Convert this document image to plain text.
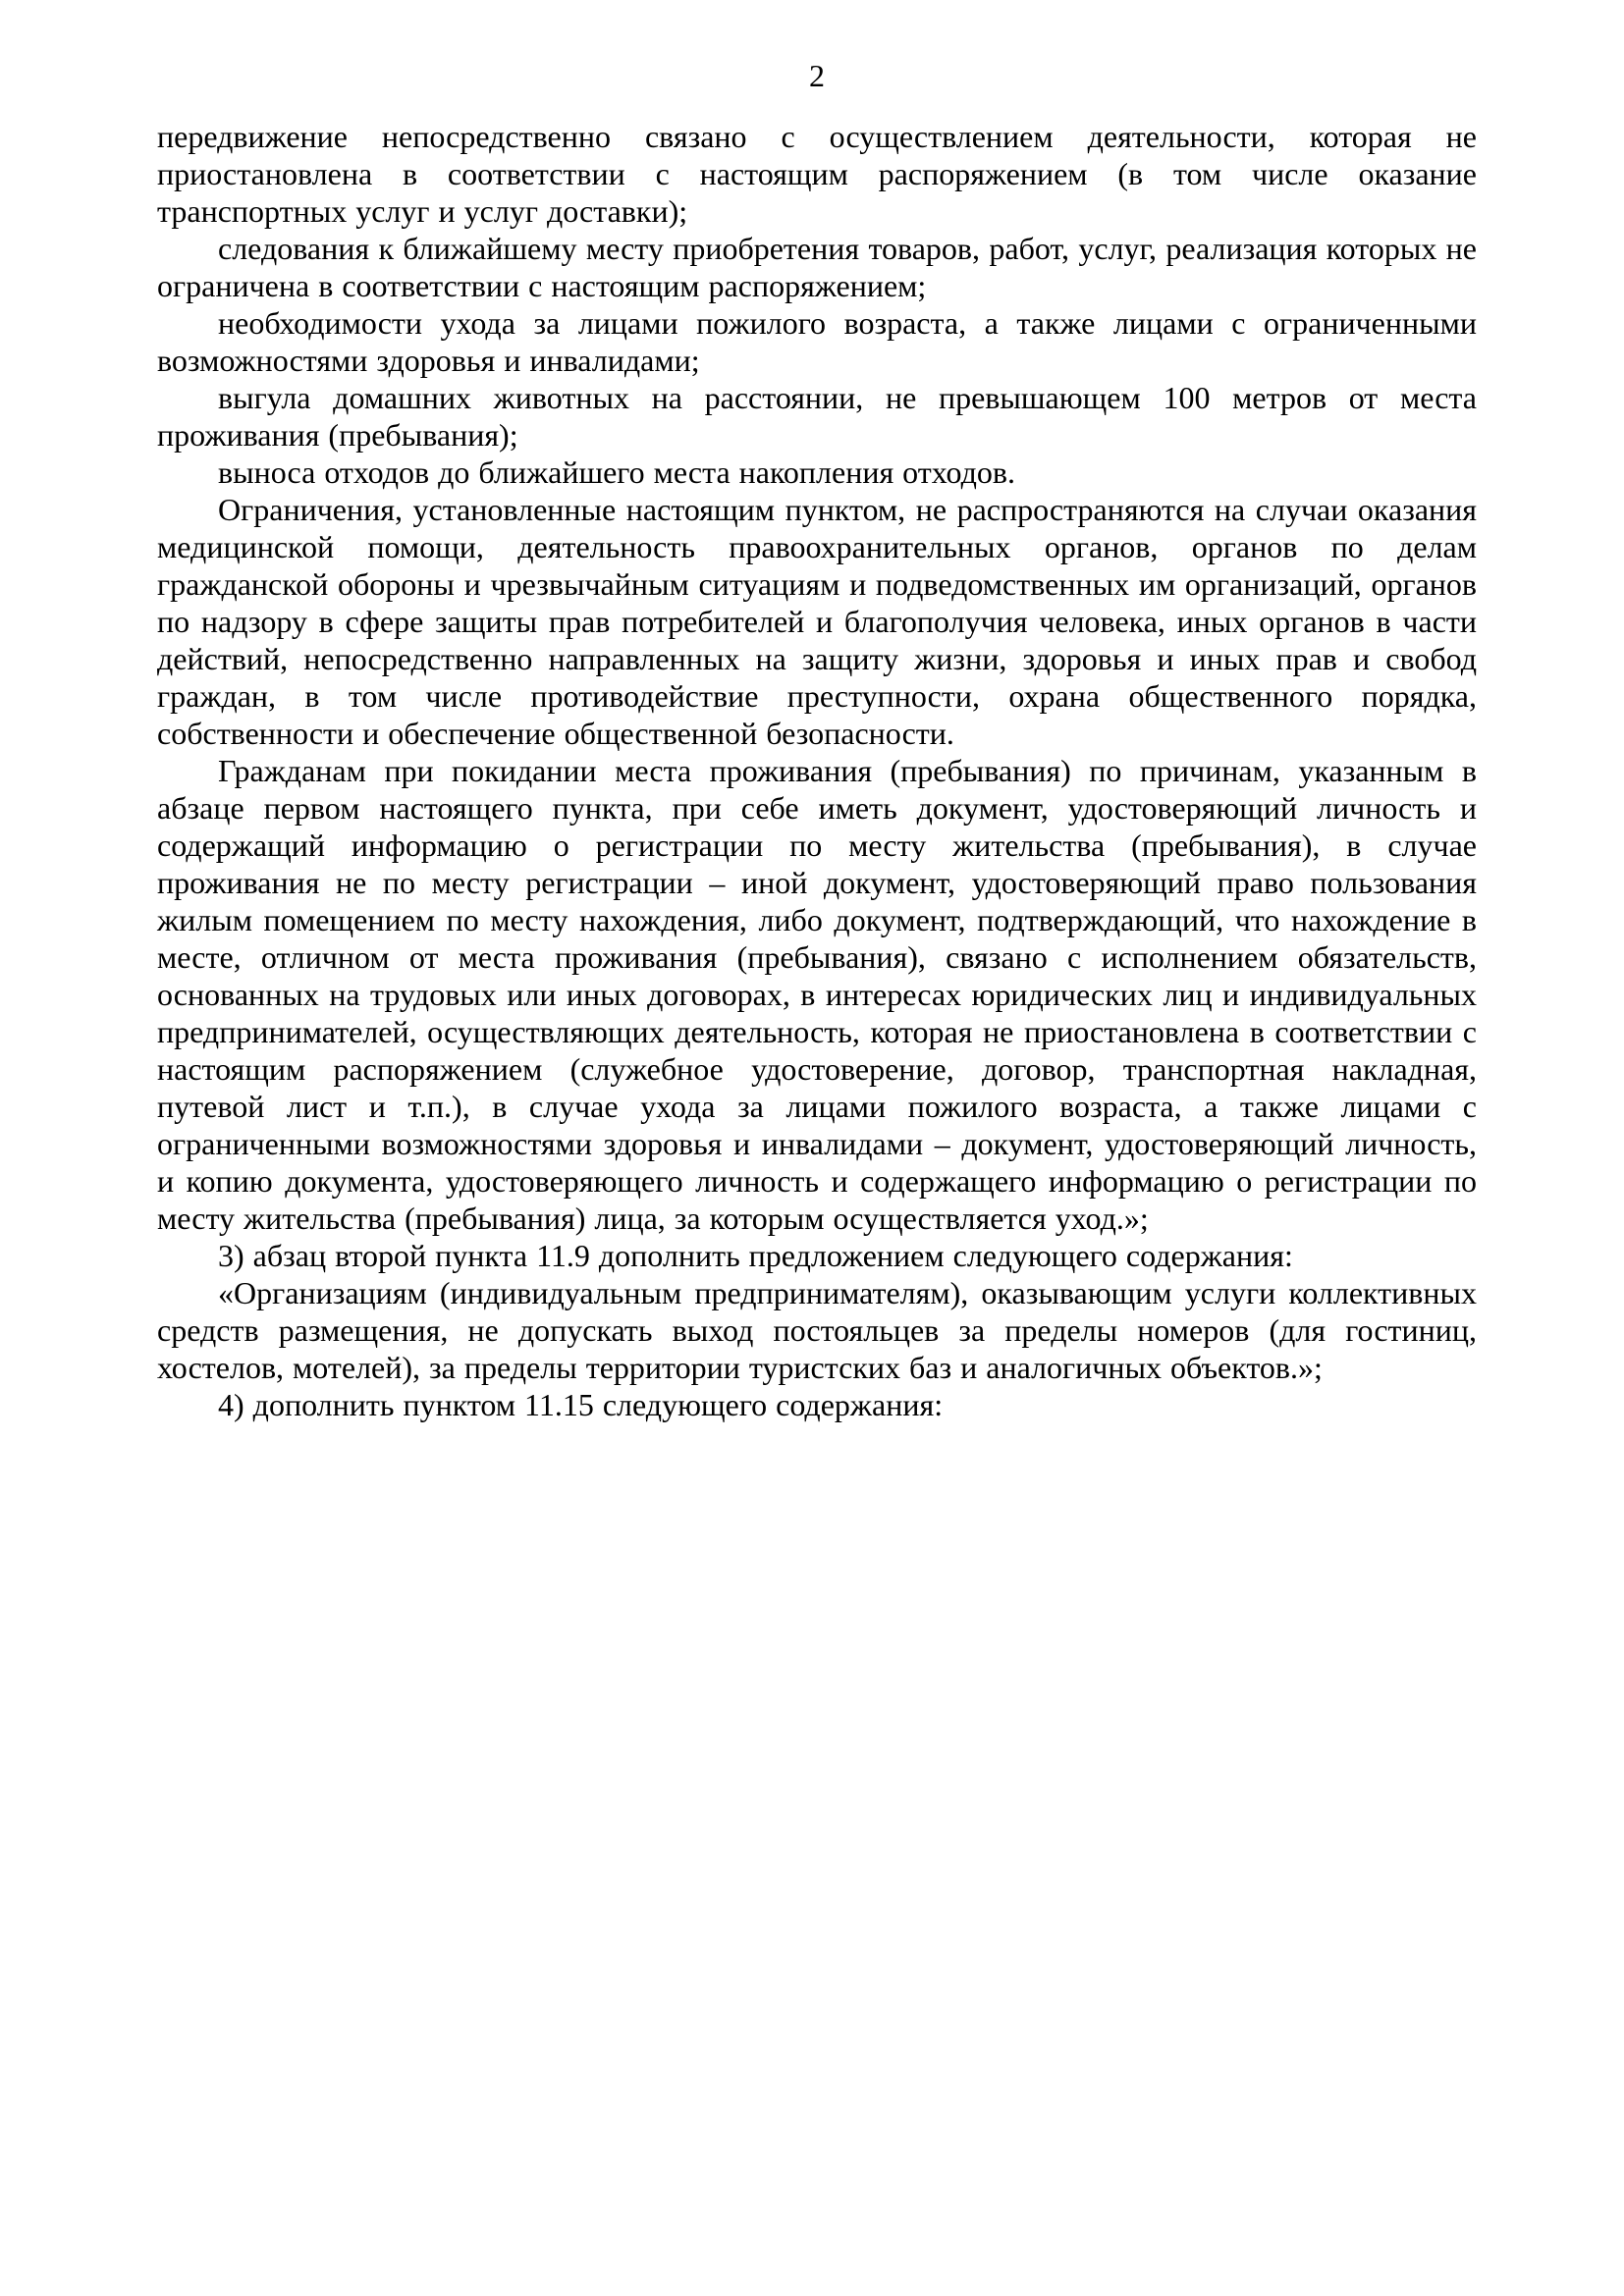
2

передвижение непосредственно связано с осуществлением деятельности, которая не приостановлена в соответствии с настоящим распоряжением (в том числе оказание транспортных услуг и услуг доставки);

следования к ближайшему месту приобретения товаров, работ, услуг, реализация которых не ограничена в соответствии с настоящим распоряжением;

необходимости ухода за лицами пожилого возраста, а также лицами с ограниченными возможностями здоровья и инвалидами;

выгула домашних животных на расстоянии, не превышающем 100 метров от места проживания (пребывания);

выноса отходов до ближайшего места накопления отходов.

Ограничения, установленные настоящим пунктом, не распространяются на случаи оказания медицинской помощи, деятельность правоохранительных органов, органов по делам гражданской обороны и чрезвычайным ситуациям и подведомственных им организаций, органов по надзору в сфере защиты прав потребителей и благополучия человека, иных органов в части действий, непосредственно направленных на защиту жизни, здоровья и иных прав и свобод граждан, в том числе противодействие преступности, охрана общественного порядка, собственности и обеспечение общественной безопасности.

Гражданам при покидании места проживания (пребывания) по причинам, указанным в абзаце первом настоящего пункта, при себе иметь документ, удостоверяющий личность и содержащий информацию о регистрации по месту жительства (пребывания), в случае проживания не по месту регистрации – иной документ, удостоверяющий право пользования жилым помещением по месту нахождения, либо документ, подтверждающий, что нахождение в месте, отличном от места проживания (пребывания), связано с исполнением обязательств, основанных на трудовых или иных договорах, в интересах юридических лиц и индивидуальных предпринимателей, осуществляющих деятельность, которая не приостановлена в соответствии с настоящим распоряжением (служебное удостоверение, договор, транспортная накладная, путевой лист и т.п.), в случае ухода за лицами пожилого возраста, а также лицами с ограниченными возможностями здоровья и инвалидами – документ, удостоверяющий личность, и копию документа, удостоверяющего личность и содержащего информацию о регистрации по месту жительства (пребывания) лица, за которым осуществляется уход.»;

3) абзац второй пункта 11.9 дополнить предложением следующего содержания:

«Организациям (индивидуальным предпринимателям), оказывающим услуги коллективных средств размещения, не допускать выход постояльцев за пределы номеров (для гостиниц, хостелов, мотелей), за пределы территории туристских баз и аналогичных объектов.»;

4) дополнить пунктом 11.15 следующего содержания:
